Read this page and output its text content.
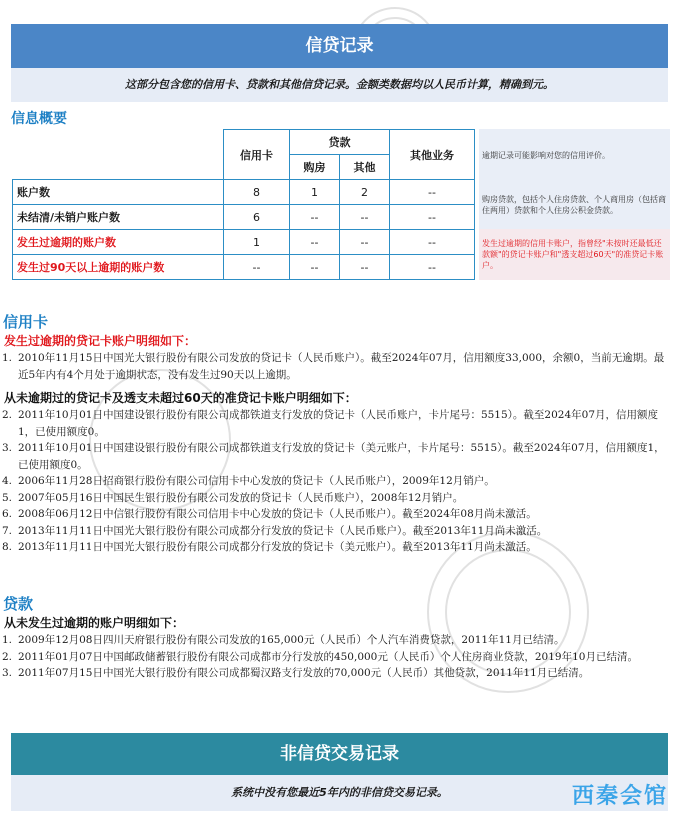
信贷记录
这部分包含您的信用卡、贷款和其他信贷记录。金额类数据均以人民币计算，精确到元。
信息概要
	信用卡	贷款		其他业务
		购房	其他	
账户数	8	1	2	--
未结清/未销户账户数	6	--	--	--
发生过逾期的账户数	1	--	--	--
发生过90天以上逾期的账户数	--	--	--	--
逾期记录可能影响对您的信用评价。
购房贷款，包括个人住房贷款、个人商用房（包括商住两用）贷款和个人住房公积金贷款。
发生过逾期的信用卡账户，指曾经"未按时还最低还款额"的贷记卡账户和"透支超过60天"的准贷记卡账户。
信用卡
发生过逾期的贷记卡账户明细如下：
1. 2010年11月15日中国光大银行股份有限公司发放的贷记卡（人民币账户）。截至2024年07月，信用额度33,000，余额0，当前无逾期。最近5年内有4个月处于逾期状态，没有发生过90天以上逾期。
从未逾期过的贷记卡及透支未超过60天的准贷记卡账户明细如下：
2. 2011年10月01日中国建设银行股份有限公司成都铁道支行发放的贷记卡（人民币账户，卡片尾号：5515）。截至2024年07月，信用额度1，已使用额度0。
3. 2011年10月01日中国建设银行股份有限公司成都铁道支行发放的贷记卡（美元账户，卡片尾号：5515）。截至2024年07月，信用额度1，已使用额度0。
4. 2006年11月28日招商银行股份有限公司信用卡中心发放的贷记卡（人民币账户），2009年12月销户。
5. 2007年05月16日中国民生银行股份有限公司发放的贷记卡（人民币账户），2008年12月销户。
6. 2008年06月12日中信银行股份有限公司信用卡中心发放的贷记卡（人民币账户）。截至2024年08月尚未激活。
7. 2013年11月11日中国光大银行股份有限公司成都分行发放的贷记卡（人民币账户）。截至2013年11月尚未激活。
8. 2013年11月11日中国光大银行股份有限公司成都分行发放的贷记卡（美元账户）。截至2013年11月尚未激活。
贷款
从未发生过逾期的账户明细如下：
1. 2009年12月08日四川天府银行股份有限公司发放的165,000元（人民币）个人汽车消费贷款，2011年11月已结清。
2. 2011年01月07日中国邮政储蓄银行股份有限公司成都市分行发放的450,000元（人民币）个人住房商业贷款，2019年10月已结清。
3. 2011年07月15日中国光大银行股份有限公司成都蜀汉路支行发放的70,000元（人民币）其他贷款，2011年11月已结清。
非信贷交易记录
系统中没有您最近5年内的非信贷交易记录。	西秦会馆
